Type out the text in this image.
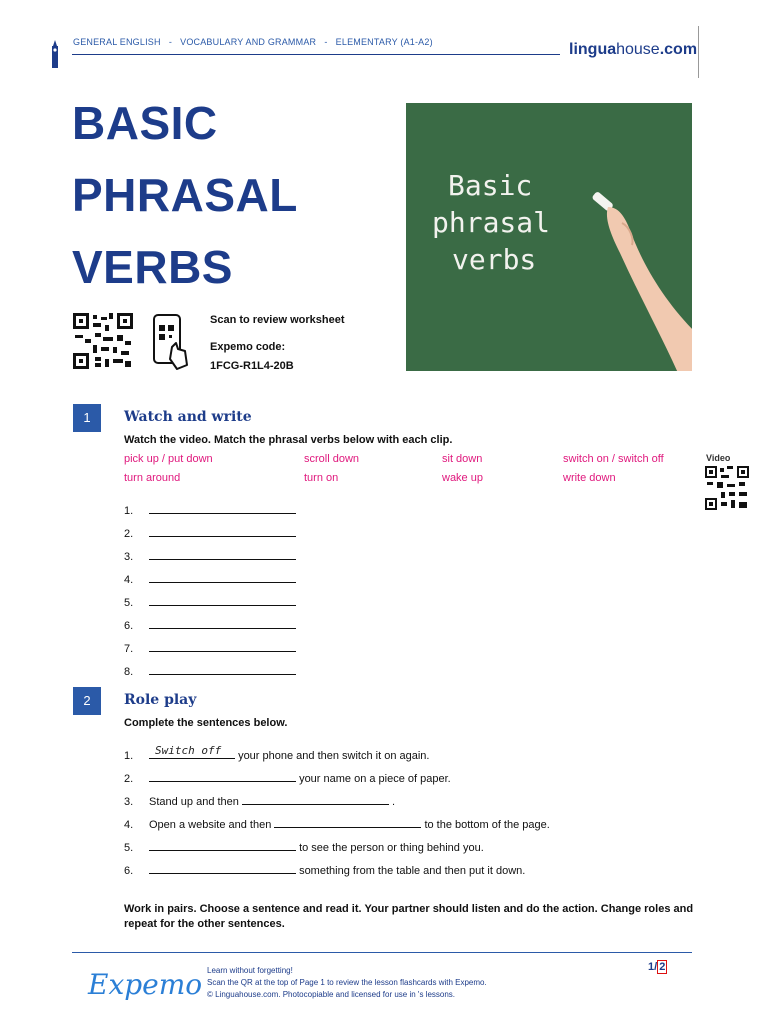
GENERAL ENGLISH - VOCABULARY AND GRAMMAR - ELEMENTARY (A1-A2)	linguahouse.com
BASIC
PHRASAL
VERBS
Basic
phrasal
verbs
Scan to review worksheet
Expemo code:
1FCG-R1L4-20B
1	Watch and write
Watch the video. Match the phrasal verbs below with each clip.
pick up / put down	scroll down	sit down	switch on / switch off
turn around	turn on	wake up	write down
Video
1.
2.
3.
4.
5.
6.
7.
8.
2	Role play
Complete the sentences below.
1. Switch off your phone and then switch it on again.
2.	your name on a piece of paper.
3. Stand up and then	.
4. Open a website and then	to the bottom of the page.
5.	to see the person or thing behind you.
6.	something from the table and then put it down.
Work in pairs. Choose a sentence and read it. Your partner should listen and do the action. Change roles and repeat for the other sentences.
Expemo Learn without forgetting!
Scan the QR at the top of Page 1 to review the lesson flashcards with Expemo.
© Linguahouse.com. Photocopiable and licensed for use in 's lessons.
1/ 2
